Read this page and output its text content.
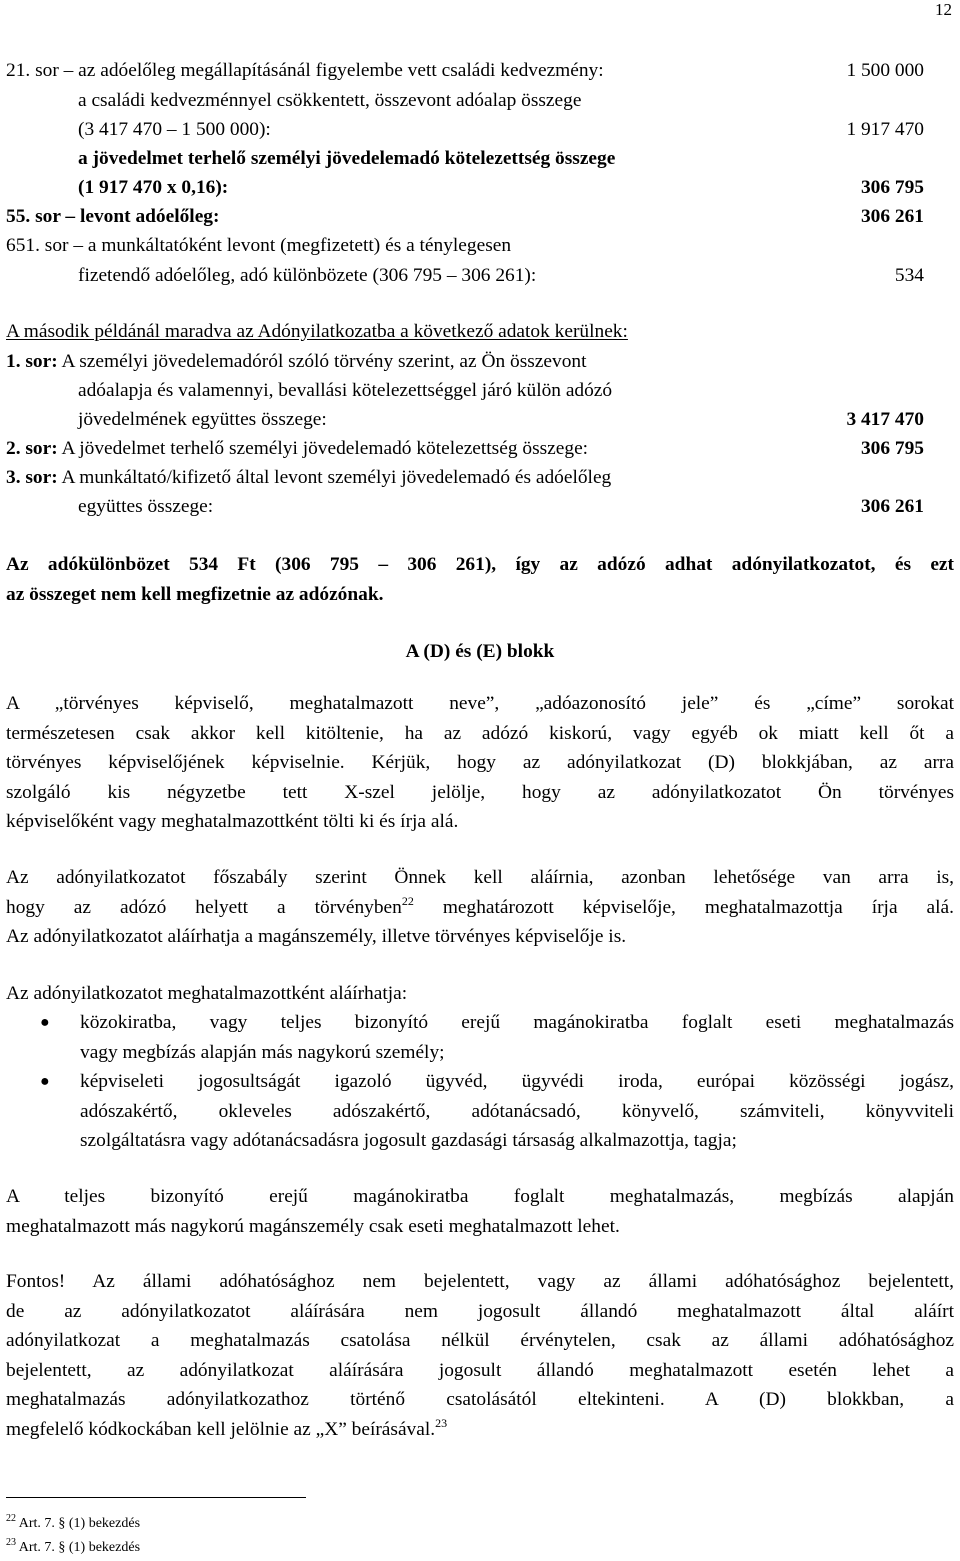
12
21. sor – az adóelőleg megállapításánál figyelembe vett családi kedvezmény:	1 500 000
a családi kedvezménnyel csökkentett, összevont adóalap összege
(3 417 470 – 1 500 000):	1 917 470
a jövedelmet terhelő személyi jövedelemadó kötelezettség összege
(1 917 470 x 0,16):	306 795
55. sor – levont adóelőleg:	306 261
651. sor – a munkáltatóként levont (megfizetett) és a ténylegesen
fizetendő adóelőleg, adó különbözete (306 795 – 306 261):	534
A második példánál maradva az Adónyilatkozatba a következő adatok kerülnek:
1. sor: A személyi jövedelemadóról szóló törvény szerint, az Ön összevont
adóalapja és valamennyi, bevallási kötelezettséggel járó külön adózó
jövedelmének együttes összege:	3 417 470
2. sor: A jövedelmet terhelő személyi jövedelemadó kötelezettség összege:	306 795
3. sor: A munkáltató/kifizető által levont személyi jövedelemadó és adóelőleg
együttes összege:	306 261
Az adókülönbözet 534 Ft (306 795 – 306 261), így az adózó adhat adónyilatkozatot, és ezt
az összeget nem kell megfizetnie az adózónak.
A (D) és (E) blokk
A „törvényes képviselő, meghatalmazott neve”, „adóazonosító jele” és „címe” sorokat
természetesen csak akkor kell kitöltenie, ha az adózó kiskorú, vagy egyéb ok miatt kell őt a
törvényes képviselőjének képviselnie. Kérjük, hogy az adónyilatkozat (D) blokkjában, az arra
szolgáló kis négyzetbe tett X-szel jelölje, hogy az adónyilatkozatot Ön törvényes
képviselőként vagy meghatalmazottként tölti ki és írja alá.
Az adónyilatkozatot főszabály szerint Önnek kell aláírnia, azonban lehetősége van arra is,
hogy az adózó helyett a törvényben$^{22}$ meghatározott képviselője, meghatalmazottja írja alá.
Az adónyilatkozatot aláírhatja a magánszemély, illetve törvényes képviselője is.
Az adónyilatkozatot meghatalmazottként aláírhatja:
● közokiratba, vagy teljes bizonyító erejű magánokiratba foglalt eseti meghatalmazás
vagy megbízás alapján más nagykorú személy;
● képviseleti jogosultságát igazoló ügyvéd, ügyvédi iroda, európai közösségi jogász,
adószakértő, okleveles adószakértő, adótanácsadó, könyvelő, számviteli, könyvviteli
szolgáltatásra vagy adótanácsadásra jogosult gazdasági társaság alkalmazottja, tagja;
A teljes bizonyító erejű magánokiratba foglalt meghatalmazás, megbízás alapján
meghatalmazott más nagykorú magánszemély csak eseti meghatalmazott lehet.
Fontos! Az állami adóhatósághoz nem bejelentett, vagy az állami adóhatósághoz bejelentett,
de az adónyilatkozatot aláírására nem jogosult állandó meghatalmazott által aláírt
adónyilatkozat a meghatalmazás csatolása nélkül érvénytelen, csak az állami adóhatósághoz
bejelentett, az adónyilatkozat aláírására jogosult állandó meghatalmazott esetén lehet a
meghatalmazás adónyilatkozathoz történő csatolásától eltekinteni. A (D) blokkban, a
megfelelő kódkockában kell jelölnie az „X” beírásával.$^{23}$
$^{22}$ Art. 7. § (1) bekezdés
$^{23}$ Art. 7. § (1) bekezdés
